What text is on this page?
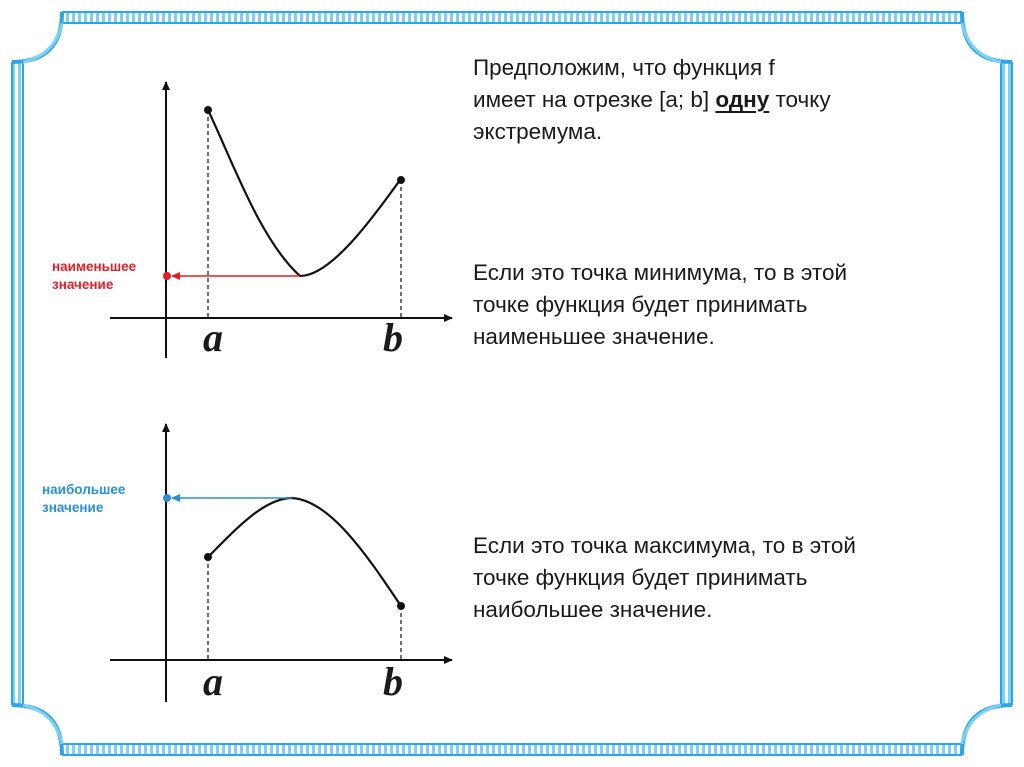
наименьшее
значение
a	b
наибольшее
значение
a	b
Предположим, что функция f
имеет на отрезке [a; b] одну точку
экстремума.
Если это точка минимума, то в этой
точке функция будет принимать
наименьшее значение.
Если это точка максимума, то в этой
точке функция будет принимать
наибольшее значение.
